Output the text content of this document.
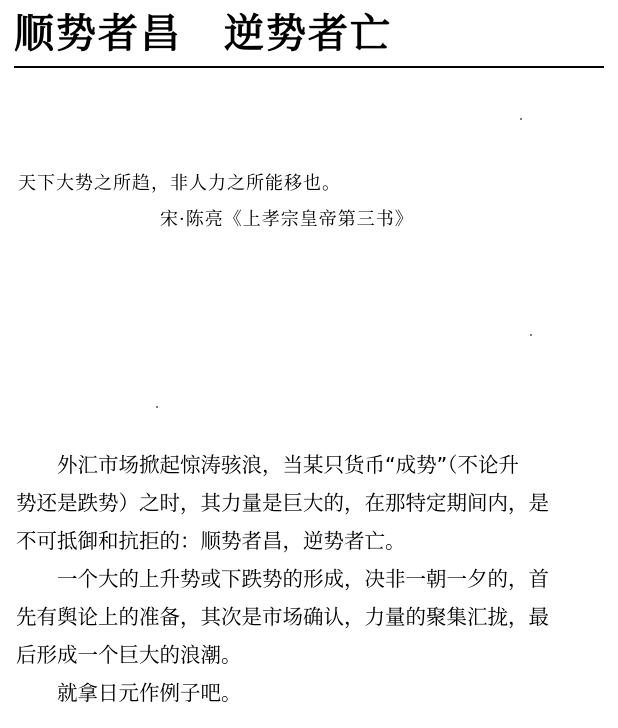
顺势者昌　逆势者亡

天下大势之所趋，非人力之所能移也。

宋·陈亮《上孝宗皇帝第三书》

外汇市场掀起惊涛骇浪，当某只货币“成势”（不论升
势还是跌势）之时，其力量是巨大的，在那特定期间内，是
不可抵御和抗拒的：顺势者昌，逆势者亡。
一个大的上升势或下跌势的形成，决非一朝一夕的，首
先有舆论上的准备，其次是市场确认，力量的聚集汇拢，最
后形成一个巨大的浪潮。
就拿日元作例子吧。
